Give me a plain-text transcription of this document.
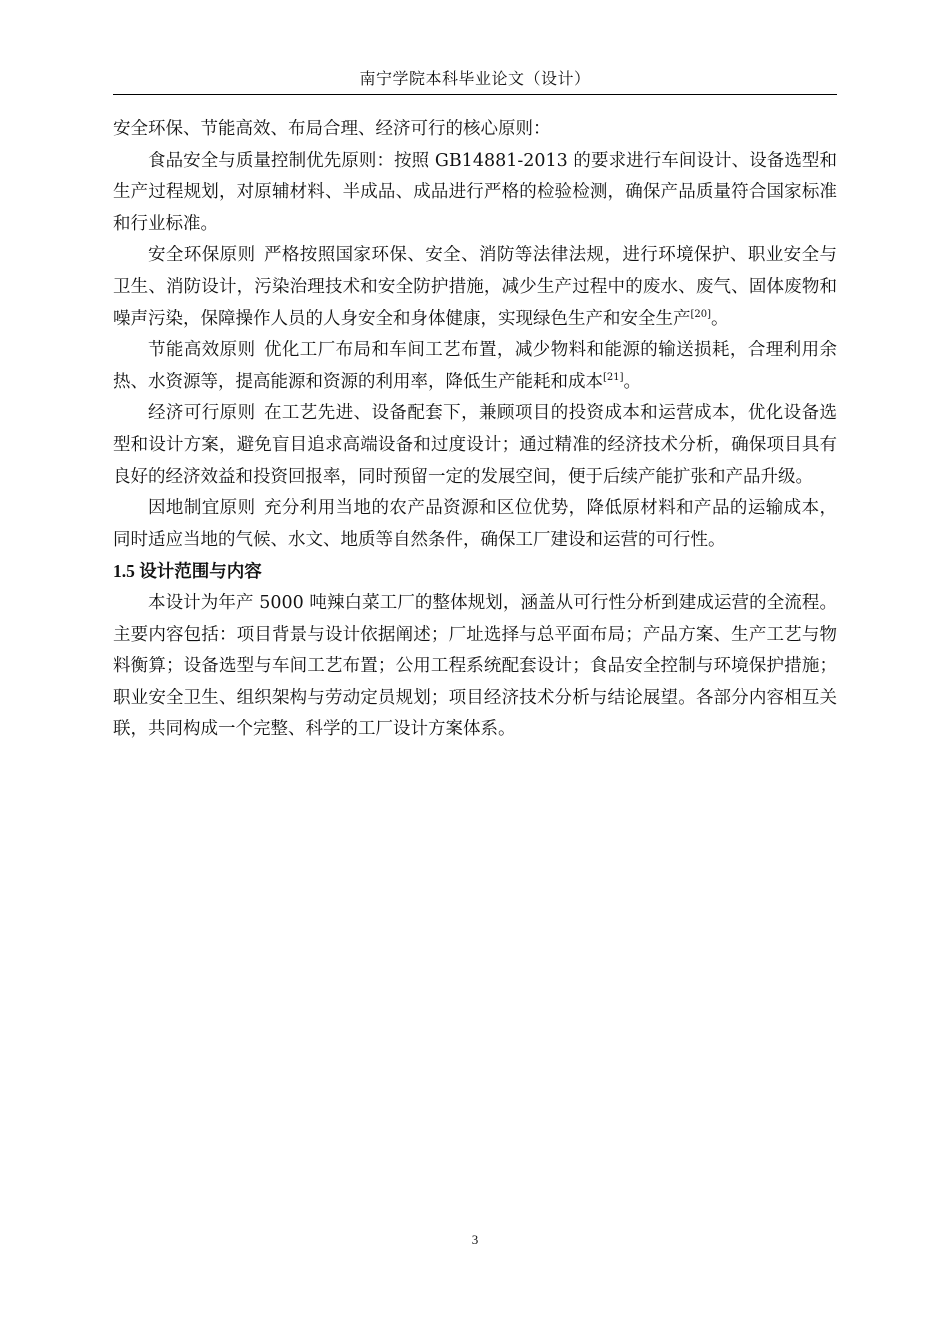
南宁学院本科毕业论文（设计）

安全环保、节能高效、布局合理、经济可行的核心原则：

食品安全与质量控制优先原则：按照 GB14881-2013 的要求进行车间设计、设备选型和生产过程规划，对原辅材料、半成品、成品进行严格的检验检测，确保产品质量符合国家标准和行业标准。

安全环保原则 严格按照国家环保、安全、消防等法律法规，进行环境保护、职业安全与卫生、消防设计，污染治理技术和安全防护措施，减少生产过程中的废水、废气、固体废物和噪声污染，保障操作人员的人身安全和身体健康，实现绿色生产和安全生产[20]。

节能高效原则 优化工厂布局和车间工艺布置，减少物料和能源的输送损耗，合理利用余热、水资源等，提高能源和资源的利用率，降低生产能耗和成本[21]。

经济可行原则 在工艺先进、设备配套下，兼顾项目的投资成本和运营成本，优化设备选型和设计方案，避免盲目追求高端设备和过度设计；通过精准的经济技术分析，确保项目具有良好的经济效益和投资回报率，同时预留一定的发展空间，便于后续产能扩张和产品升级。

因地制宜原则 充分利用当地的农产品资源和区位优势，降低原材料和产品的运输成本，同时适应当地的气候、水文、地质等自然条件，确保工厂建设和运营的可行性。

1.5 设计范围与内容

本设计为年产 5000 吨辣白菜工厂的整体规划，涵盖从可行性分析到建成运营的全流程。主要内容包括：项目背景与设计依据阐述；厂址选择与总平面布局；产品方案、生产工艺与物料衡算；设备选型与车间工艺布置；公用工程系统配套设计；食品安全控制与环境保护措施；职业安全卫生、组织架构与劳动定员规划；项目经济技术分析与结论展望。各部分内容相互关联，共同构成一个完整、科学的工厂设计方案体系。

3
